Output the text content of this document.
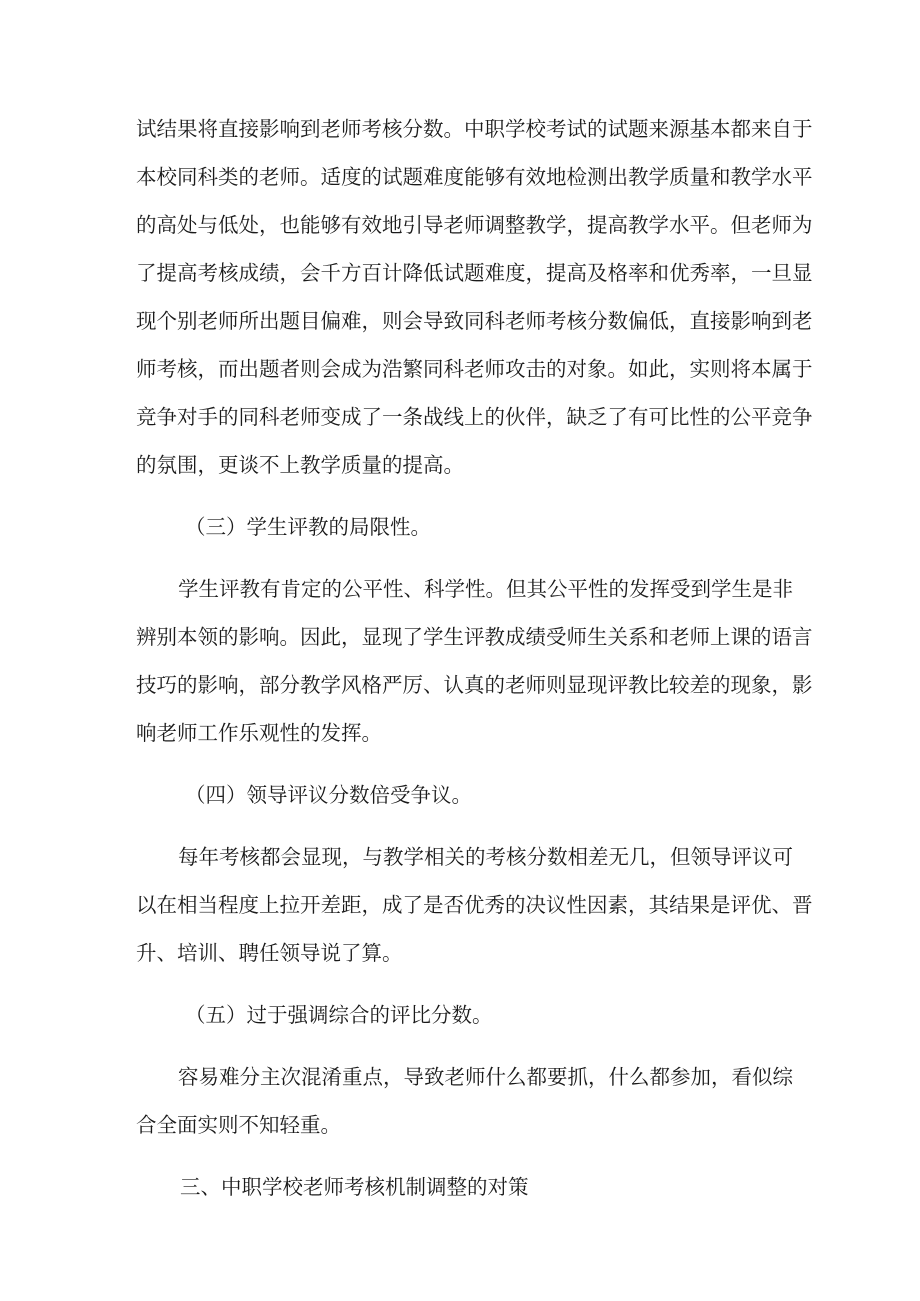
试结果将直接影响到老师考核分数。中职学校考试的试题来源基本都来自于
本校同科类的老师。适度的试题难度能够有效地检测出教学质量和教学水平
的高处与低处，也能够有效地引导老师调整教学，提高教学水平。但老师为
了提高考核成绩，会千方百计降低试题难度，提高及格率和优秀率，一旦显
现个别老师所出题目偏难，则会导致同科老师考核分数偏低，直接影响到老
师考核，而出题者则会成为浩繁同科老师攻击的对象。如此，实则将本属于
竞争对手的同科老师变成了一条战线上的伙伴，缺乏了有可比性的公平竞争
的氛围，更谈不上教学质量的提高。
（三）学生评教的局限性。
学生评教有肯定的公平性、科学性。但其公平性的发挥受到学生是非
辨别本领的影响。因此，显现了学生评教成绩受师生关系和老师上课的语言
技巧的影响，部分教学风格严厉、认真的老师则显现评教比较差的现象，影
响老师工作乐观性的发挥。
（四）领导评议分数倍受争议。
每年考核都会显现，与教学相关的考核分数相差无几，但领导评议可
以在相当程度上拉开差距，成了是否优秀的决议性因素，其结果是评优、晋
升、培训、聘任领导说了算。
（五）过于强调综合的评比分数。
容易难分主次混淆重点，导致老师什么都要抓，什么都参加，看似综
合全面实则不知轻重。
三、中职学校老师考核机制调整的对策
